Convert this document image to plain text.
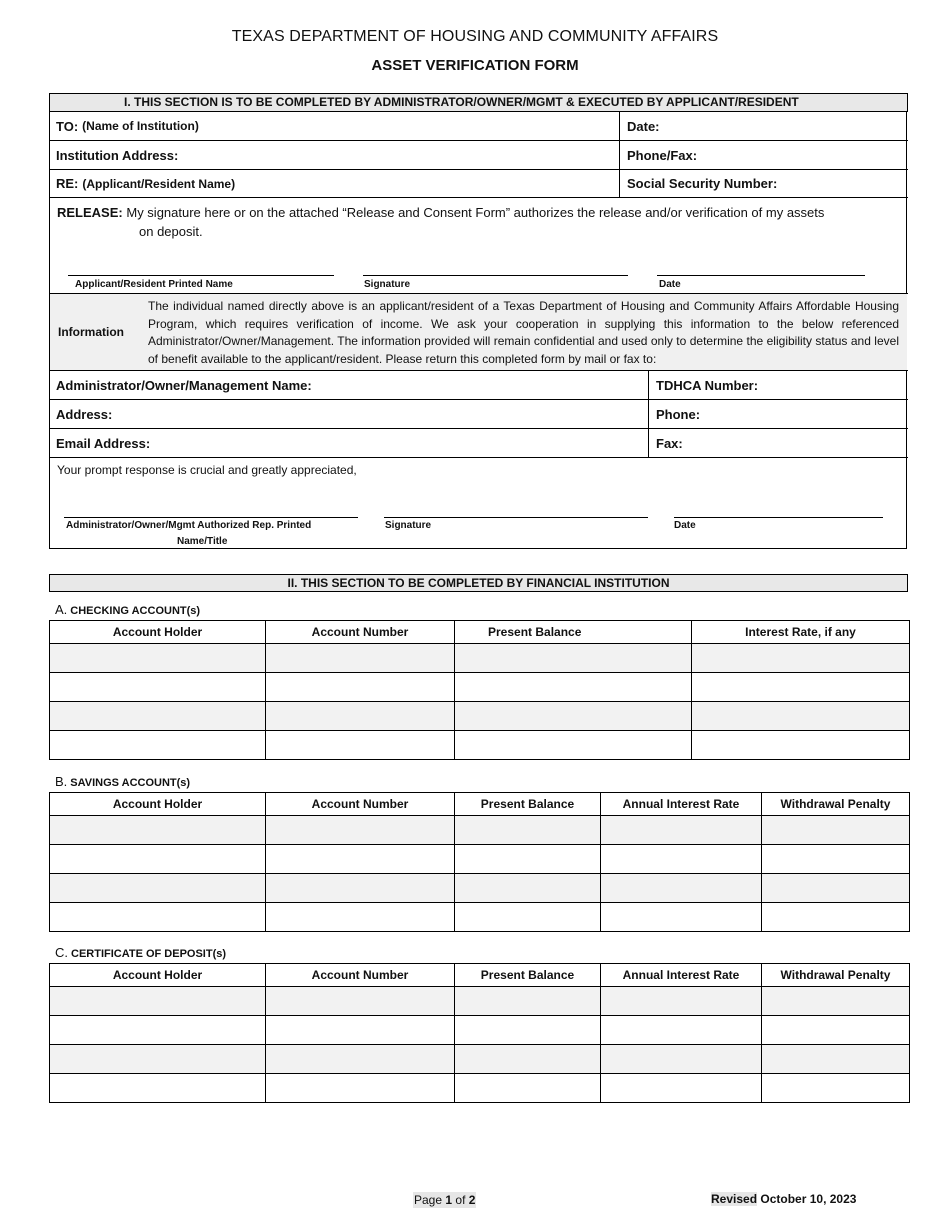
TEXAS DEPARTMENT OF HOUSING AND COMMUNITY AFFAIRS
ASSET VERIFICATION FORM
I. THIS SECTION IS TO BE COMPLETED BY ADMINISTRATOR/OWNER/MGMT & EXECUTED BY APPLICANT/RESIDENT
TO: (Name of Institution)	Date:
Institution Address:	Phone/Fax:
RE: (Applicant/Resident Name)	Social Security Number:
RELEASE: My signature here or on the attached “Release and Consent Form” authorizes the release and/or verification of my assets
on deposit.
Applicant/Resident Printed Name	Signature	Date
Information
The individual named directly above is an applicant/resident of a Texas Department of Housing and Community Affairs Affordable Housing Program, which requires verification of income. We ask your cooperation in supplying this information to the below referenced Administrator/Owner/Management. The information provided will remain confidential and used only to determine the eligibility status and level of benefit available to the applicant/resident. Please return this completed form by mail or fax to:
Administrator/Owner/Management Name:	TDHCA Number:
Address:	Phone:
Email Address:	Fax:
Your prompt response is crucial and greatly appreciated,
Administrator/Owner/Mgmt Authorized Rep. Printed
Name/Title
Signature	Date
II. THIS SECTION TO BE COMPLETED BY FINANCIAL INSTITUTION
A. CHECKING ACCOUNT(s)
Account Holder	Account Number	Present Balance	Interest Rate, if any

B. SAVINGS ACCOUNT(s)
Account Holder	Account Number	Present Balance	Annual Interest Rate	Withdrawal Penalty

C. CERTIFICATE OF DEPOSIT(s)
Account Holder	Account Number	Present Balance	Annual Interest Rate	Withdrawal Penalty

Page 1 of 2	Revised October 10, 2023
